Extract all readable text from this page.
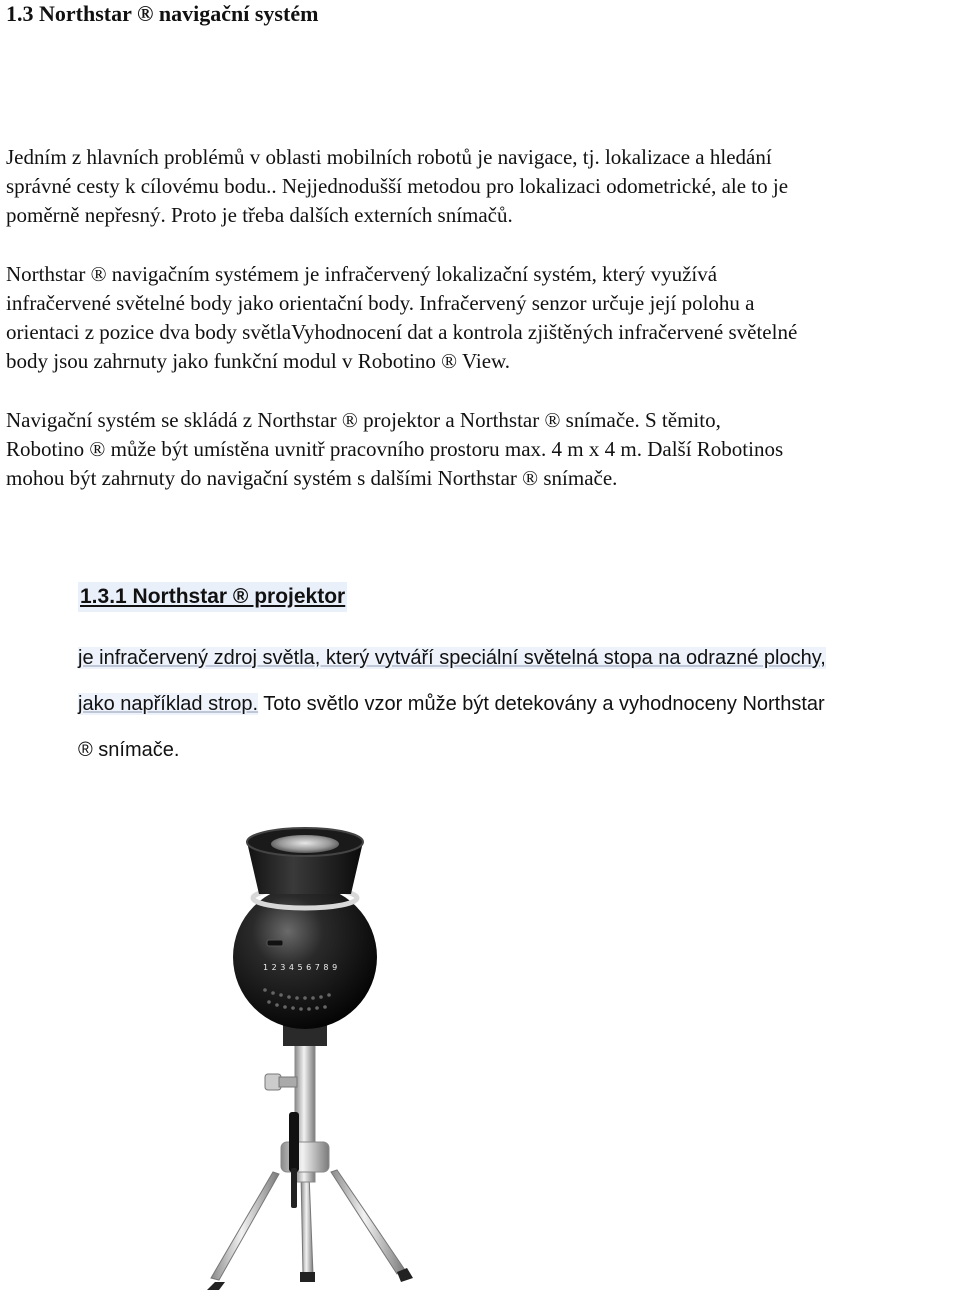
1.3 Northstar ® navigační systém
Jedním z hlavních problémů v oblasti mobilních robotů je navigace, tj. lokalizace a hledání
správné cesty k cílovému bodu.. Nejjednodušší metodou pro lokalizaci odometrické, ale to je
poměrně nepřesný. Proto je třeba dalších externích snímačů.
Northstar ® navigačním systémem je infračervený lokalizační systém, který využívá
infračervené světelné body jako orientační body. Infračervený senzor určuje její polohu a
orientaci z pozice dva body světlaVyhodnocení dat a kontrola zjištěných infračervené světelné
body jsou zahrnuty jako funkční modul v Robotino ® View.
Navigační systém se skládá z Northstar ® projektor a Northstar ® snímače. S těmito,
Robotino ® může být umístěna uvnitř pracovního prostoru max. 4 m x 4 m. Další Robotinos
mohou být zahrnuty do navigační systém s dalšími Northstar ® snímače.
1.3.1 Northstar ® projektor
je infračervený zdroj světla, který vytváří speciální světelná stopa na odrazné plochy,
jako například strop. Toto světlo vzor může být detekovány a vyhodnoceny Northstar
® snímače.
1 2 3 4 5 6 7 8 9
